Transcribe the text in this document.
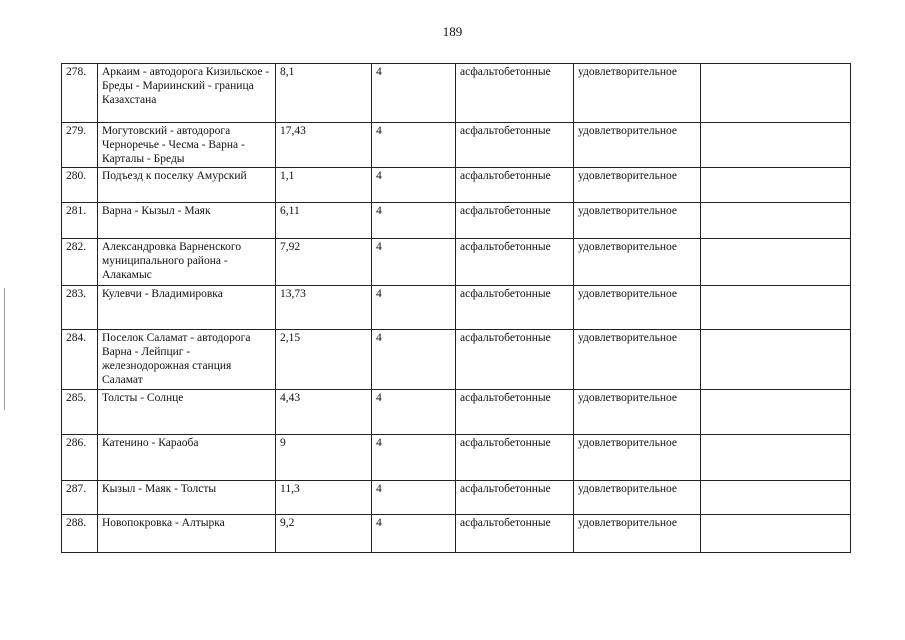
189
278.	Аркаим - автодорога Кизильское - Бреды - Мариинский - граница Казахстана	8,1	4	асфальтобетонные	удовлетворительное	
279.	Могутовский - автодорога Черноречье - Чесма - Варна - Карталы - Бреды	17,43	4	асфальтобетонные	удовлетворительное	
280.	Подъезд к поселку Амурский	1,1	4	асфальтобетонные	удовлетворительное	
281.	Варна - Кызыл - Маяк	6,11	4	асфальтобетонные	удовлетворительное	
282.	Александровка Варненского муниципального района - Алакамыс	7,92	4	асфальтобетонные	удовлетворительное	
283.	Кулевчи - Владимировка	13,73	4	асфальтобетонные	удовлетворительное	
284.	Поселок Саламат - автодорога Варна - Лейпциг - железнодорожная станция Саламат	2,15	4	асфальтобетонные	удовлетворительное	
285.	Толсты - Солнце	4,43	4	асфальтобетонные	удовлетворительное	
286.	Катенино - Караоба	9	4	асфальтобетонные	удовлетворительное	
287.	Кызыл - Маяк - Толсты	11,3	4	асфальтобетонные	удовлетворительное	
288.	Новопокровка - Алтырка	9,2	4	асфальтобетонные	удовлетворительное	
